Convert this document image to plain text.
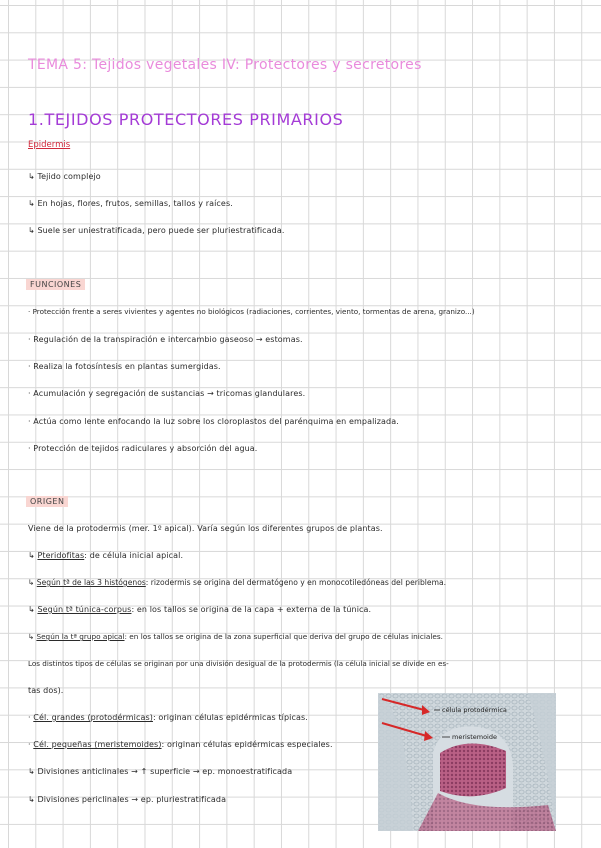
TEMA 5: Tejidos vegetales IV: Protectores y secretores
1.TEJIDOS PROTECTORES PRIMARIOS
Epidermis
↳ Tejido complejo
↳ En hojas, flores, frutos, semillas, tallos y raíces.
↳ Suele ser uniestratificada, pero puede ser pluriestratificada.
FUNCIONES
· Protección frente a seres vivientes y agentes no biológicos (radiaciones, corrientes, viento, tormentas de arena, granizo...)
· Regulación de la transpiración e intercambio gaseoso → estomas.
· Realiza la fotosíntesis en plantas sumergidas.
· Acumulación y segregación de sustancias → tricomas glandulares.
· Actúa como lente enfocando la luz sobre los cloroplastos del parénquima en empalizada.
· Protección de tejidos radiculares y absorción del agua.
ORIGEN
Viene de la protodermis (mer. 1º apical). Varía según los diferentes grupos de plantas.
↳ Pteridofitas: de célula inicial apical.
↳ Según tª de las 3 histógenos: rizodermis se origina del dermatógeno y en monocotiledóneas del periblema.
↳ Según tª túnica-corpus: en los tallos se origina de la capa + externa de la túnica.
↳ Según la tª grupo apical: en los tallos se origina de la zona superficial que deriva del grupo de células iniciales.
Los distintos tipos de células se originan por una división desigual de la protodermis (la célula inicial se divide en es-
tas dos).
· Cél. grandes (protodérmicas): originan células epidérmicas típicas.
· Cél. pequeñas (meristemoides): originan células epidérmicas especiales.
↳ Divisiones anticlinales → ↑ superficie → ep. monoestratificada
↳ Divisiones periclinales → ep. pluriestratificada
célula protodérmica
meristemoide
